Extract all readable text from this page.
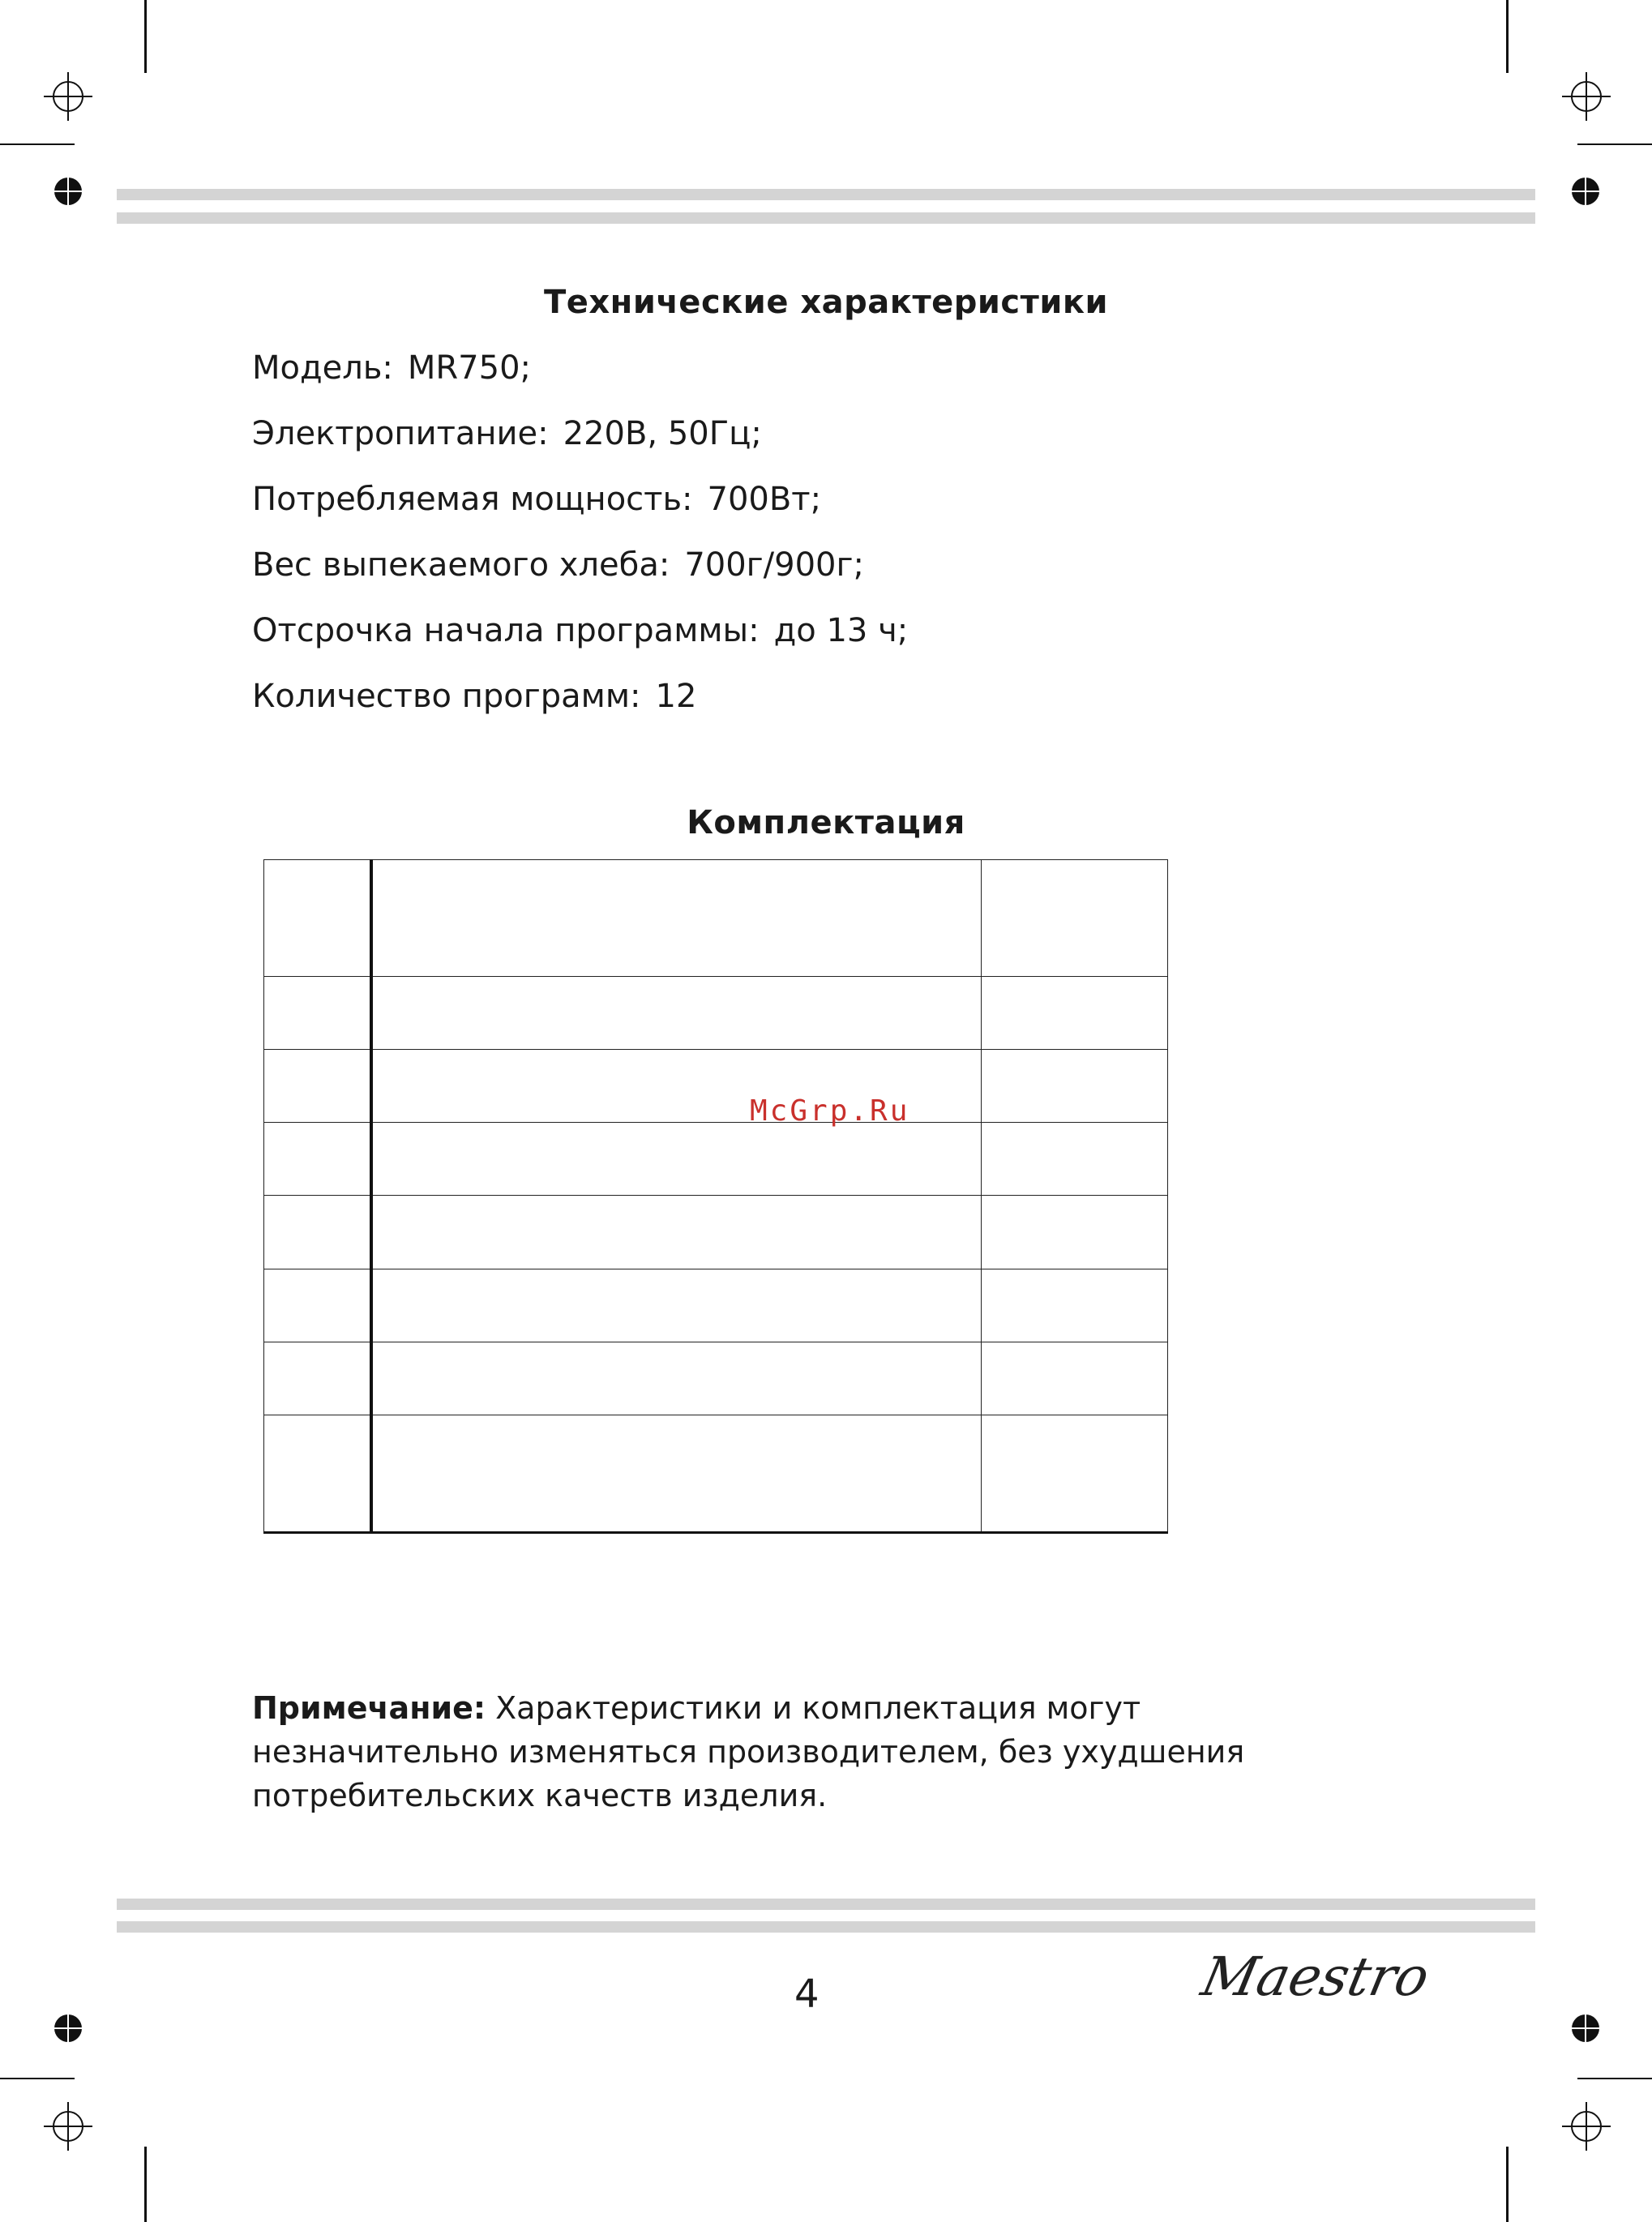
Технические характеристики
Модель: MR750;
Электропитание: 220В, 50Гц;
Потребляемая мощность: 700Вт;
Вес выпекаемого хлеба: 700г/900г;
Отсрочка начала программы: до 13 ч;
Количество программ: 12
Комплектация

McGrp.Ru
Примечание: Характеристики и комплектация могут незначительно изменяться производителем, без ухудшения потребительских качеств изделия.
4	Maestro
